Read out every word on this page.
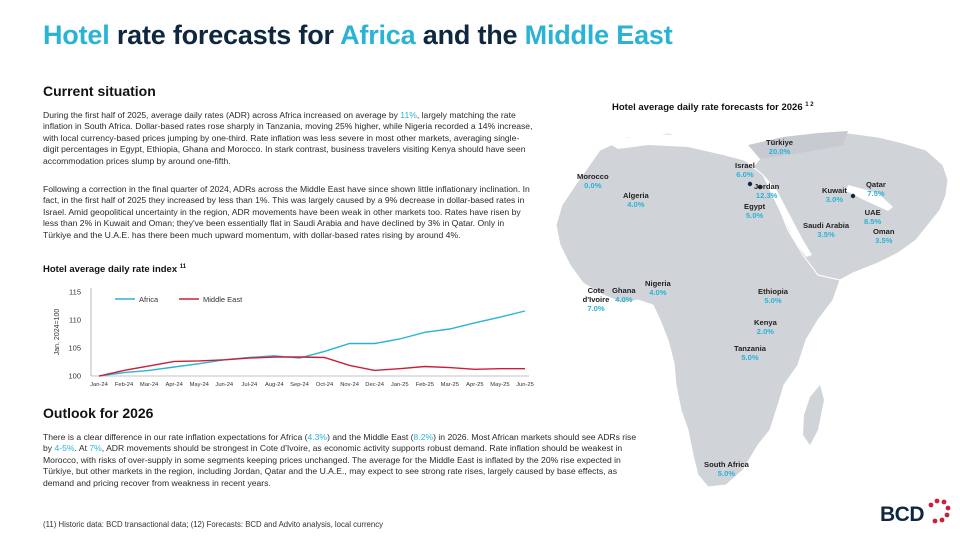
Hotel rate forecasts for Africa and the Middle East
Current situation
During the first half of 2025, average daily rates (ADR) across Africa increased on average by 11%, largely matching the rate inflation in South Africa. Dollar-based rates rose sharply in Tanzania, moving 25% higher, while Nigeria recorded a 14% increase, with local currency-based prices jumping by one-third. Rate inflation was less severe in most other markets, averaging single-digit percentages in Egypt, Ethiopia, Ghana and Morocco. In stark contrast, business travelers visiting Kenya should have seen accommodation prices slump by around one-fifth.
Following a correction in the final quarter of 2024, ADRs across the Middle East have since shown little inflationary inclination. In fact, in the first half of 2025 they increased by less than 1%. This was largely caused by a 9% decrease in dollar-based rates in Israel. Amid geopolitical uncertainty in the region, ADR movements have been weak in other markets too. Rates have risen by less than 2% in Kuwait and Oman; they've been essentially flat in Saudi Arabia and have declined by 3% in Qatar. Only in Türkiye and the U.A.E. has there been much upward momentum, with dollar-based rates rising by around 4%.
Hotel average daily rate index $^{11}$
100
105
110
115
Jan-24 Feb-24 Mar-24 Apr-24 May-24 Jun-24 Jul-24 Aug-24 Sep-24 Oct-24 Nov-24 Dec-24 Jan-25 Feb-25 Mar-25 Apr-25 May-25 Jun-25
Africa	Middle East
Jan. 2024=100
Outlook for 2026
There is a clear difference in our rate inflation expectations for Africa (4.3%) and the Middle East (8.2%) in 2026. Most African markets should see ADRs rise by 4-5%. At 7%, ADR movements should be strongest in Cote d'Ivoire, as economic activity supports robust demand. Rate inflation should be weakest in Morocco, with risks of over-supply in some segments keeping prices unchanged. The average for the Middle East is inflated by the 20% rise expected in Türkiye, but other markets in the region, including Jordan, Qatar and the U.A.E., may expect to see strong rate rises, largely caused by base effects, as demand and pricing recover from weakness in recent years.
(11) Historic data: BCD transactional data; (12) Forecasts: BCD and Advito analysis, local currency
Hotel average daily rate forecasts for 2026 $^{1 2}$
Türkiye
20.0%
Israel
6.0%
Morocco
0.0%
Algeria
4.0%
Jordan
12.3%
Kuwait
3.0%
Qatar
7.5%
Egypt
5.0%	UAE
8.5%
Saudi Arabia
3.5%	Oman
3.5%
Nigeria
4.0%
Ghana
4.0%
Cote d'Ivoire
7.0%
Ethiopia
5.0%
Kenya
2.0%
Tanzania
5.0%
South Africa
5.0%
BCD
